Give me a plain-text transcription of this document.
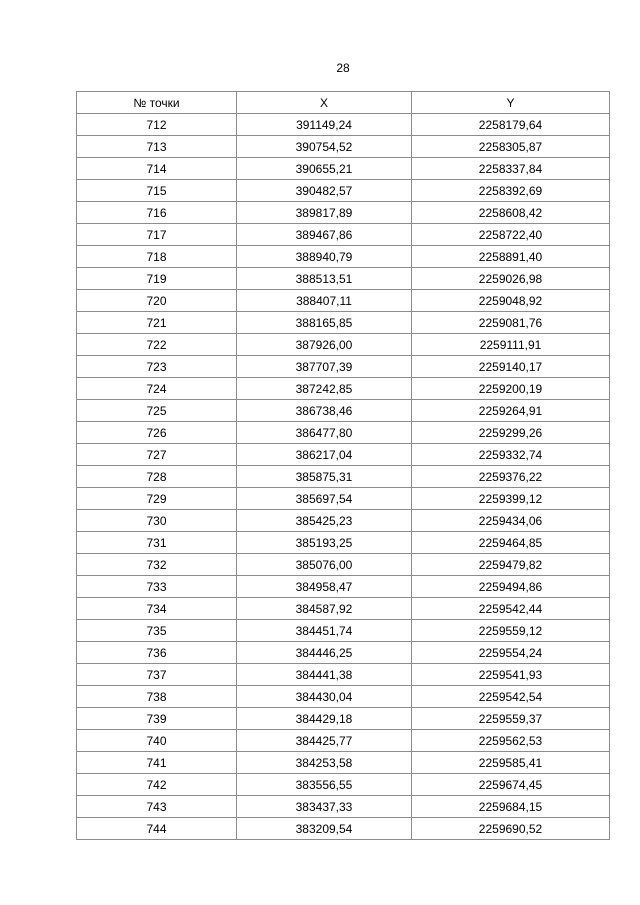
28
№ точки	X	Y
712	391149,24	2258179,64
713	390754,52	2258305,87
714	390655,21	2258337,84
715	390482,57	2258392,69
716	389817,89	2258608,42
717	389467,86	2258722,40
718	388940,79	2258891,40
719	388513,51	2259026,98
720	388407,11	2259048,92
721	388165,85	2259081,76
722	387926,00	2259111,91
723	387707,39	2259140,17
724	387242,85	2259200,19
725	386738,46	2259264,91
726	386477,80	2259299,26
727	386217,04	2259332,74
728	385875,31	2259376,22
729	385697,54	2259399,12
730	385425,23	2259434,06
731	385193,25	2259464,85
732	385076,00	2259479,82
733	384958,47	2259494,86
734	384587,92	2259542,44
735	384451,74	2259559,12
736	384446,25	2259554,24
737	384441,38	2259541,93
738	384430,04	2259542,54
739	384429,18	2259559,37
740	384425,77	2259562,53
741	384253,58	2259585,41
742	383556,55	2259674,45
743	383437,33	2259684,15
744	383209,54	2259690,52
